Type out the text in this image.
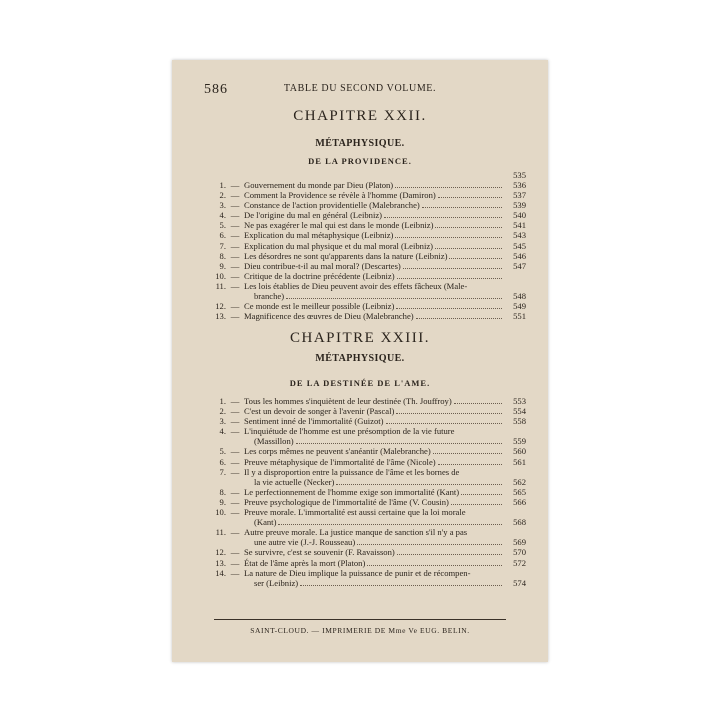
586	TABLE DU SECOND VOLUME.
CHAPITRE XXII.
MÉTAPHYSIQUE.
DE LA PROVIDENCE.
535
1. — Gouvernement du monde par Dieu (Platon)	536
2. — Comment la Providence se révèle à l'homme (Damiron)	537
3. — Constance de l'action providentielle (Malebranche)	539
4. — De l'origine du mal en général (Leibniz)	540
5. — Ne pas exagérer le mal qui est dans le monde (Leibniz)	541
6. — Explication du mal métaphysique (Leibniz)	543
7. — Explication du mal physique et du mal moral (Leibniz)	545
8. — Les désordres ne sont qu'apparents dans la nature (Leibniz)	546
9. — Dieu contribue-t-il au mal moral? (Descartes)	547
10. — Critique de la doctrine précédente (Leibniz)
11. — Les lois établies de Dieu peuvent avoir des effets fâcheux (Male-
branche)	548
12. — Ce monde est le meilleur possible (Leibniz)	549
13. — Magnificence des œuvres de Dieu (Malebranche)	551
CHAPITRE XXIII.
MÉTAPHYSIQUE.
DE LA DESTINÉE DE L'AME.
1. — Tous les hommes s'inquiètent de leur destinée (Th. Jouffroy)	553
2. — C'est un devoir de songer à l'avenir (Pascal)	554
3. — Sentiment inné de l'immortalité (Guizot)	558
4. — L'inquiétude de l'homme est une présomption de la vie future
(Massillon)	559
5. — Les corps mêmes ne peuvent s'anéantir (Malebranche)	560
6. — Preuve métaphysique de l'immortalité de l'âme (Nicole)	561
7. — Il y a disproportion entre la puissance de l'âme et les bornes de
la vie actuelle (Necker)	562
8. — Le perfectionnement de l'homme exige son immortalité (Kant)	565
9. — Preuve psychologique de l'immortalité de l'âme (V. Cousin)	566
10. — Preuve morale. L'immortalité est aussi certaine que la loi morale
(Kant)	568
11. — Autre preuve morale. La justice manque de sanction s'il n'y a pas
une autre vie (J.-J. Rousseau)	569
12. — Se survivre, c'est se souvenir (F. Ravaisson)	570
13. — État de l'âme après la mort (Platon)	572
14. — La nature de Dieu implique la puissance de punir et de récompen-
ser (Leibniz)	574
SAINT-CLOUD. — IMPRIMERIE DE Mme Ve EUG. BELIN.
